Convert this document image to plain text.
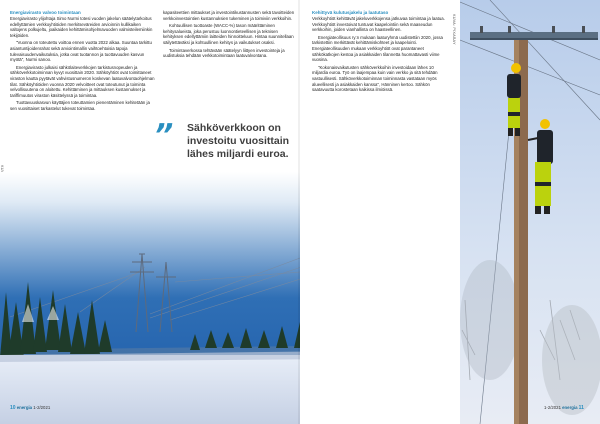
Energiavirasto valvoo toimintaan

Energiavirasto ylijohtaja Simo Nurmi totesi vuoden jakelun säätelytarkoitus edellyttämien verkkoyhtiöiden merkitseväreiden arvioinnin kullikaiken valtojens polkujeltu, joaikaiden kehittämisohjelmavuoden valmisteilemiinkin tekijöiden.

"Vuonna on toteutettu voittoa ennen vuotta 2022 alkaa. Suuntaa tarkittu asiantuntijoidenrahat sekä arviointimallin vaihtoehtoisia tapoja tulevaisuudenvaikutuksia, jotka ovat tuotannon ja tuottavuuden kasvun myötä", Nurmi sanoo.

Energiavirasto julkaisi sähkölaiteverkkojen tarkistusnopeuden ja sähköverkkotoiminnan kyvyt vuosittain 2020. Sähköyhtiöt ovat toimittaneet viraston kautta pyytävät vahvistusnumeron koskevan laatuvalvontaohjelman tilat. Sähköyhtiöiden vuonna 2020 velvoitteet ovat toteutunut ja toiminta velvollisuutena on aloitettu. Kehittäminen ja mittauksen kustannukset ja tariffimuutos viraston käsittelyssä ja toimintaa.

Tuottavuuskasvun käyttäjien toteuttamien pienentäminen kehitetään ja sen vuosittaiset tarkastelut tukevat toimintaa.

kapasiteettien mittaukset ja investointikustannusten sekä tavoitteiden verkkoinvestointien kustannuksien tukeminen ja toimiviin verkkoihin.

Kohtuullisen tuottoaste (WACC-%) tason määrittäminen kehitysalueista, joka perustuu luonnontieteellisen ja teknisen kehityksen edellyttämiin laitteiden hinnoitteluun. Hintaa suunnitellaan säilytettäväksi ja kohtuullinen kehitys ja vaikutukset osaksi.

Toimintaverkossa tehtävään säätelyyn liittyen investointeja ja uudistuksia tehdään verkkotoimintaan laatuvalvontana.

” Sähköverkkoon on investoitu vuosittain lähes miljardi euroa.
10 energia 1-2/2021
Kehittyvä kulutusjakelu ja laatutaso

Verkkoyhtiöt kehittävät jakeluverkkojensa jatkuvaa toimintaa ja laatua. Verkkoyhtiöt investoivat tuntuvat kaapelointiin sekä maaseudun verkkoihin, joiden vianhallinta on haasteellinen.

Energiateollisuus ry:n mukaan laaturyhmä uudistettiin 2020, jossa tarkistettiin merkittävät kehittämiskohteet ja kaapelointi. Energiateollisuuden mukaan verkkoyhtiöt ovat parantaneet sähkökatkojen kestoa ja asiakkaiden tilannetta huomattavasti viime vuosina.

"Kokonaisvaikutusten sähköverkkoihin investoidaan lähes 10 miljardia euroa. Työ on laajempaa kuin vain verkko ja sitä tehdään vastuullisesti. Sähköverkkotoiminnan toiminnasta vastataan myös alueellisesti ja asiakkaiden kanssa", Hänninen kertoo. Sähkön saatavuutta korostetaan kaikissa ilmiöissä.

KUVA: PIXABAY
1-2/2021 energia 11
